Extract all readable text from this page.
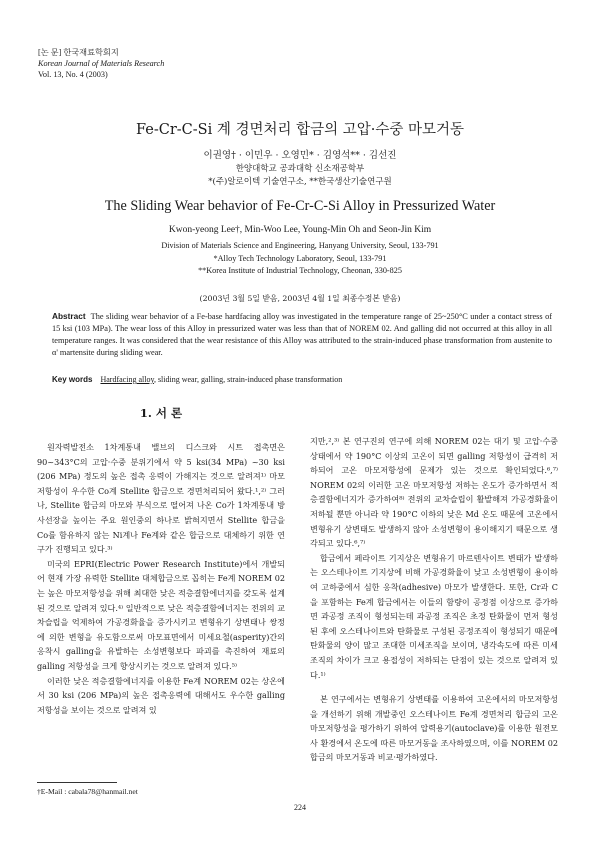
[논 문] 한국재료학회지
Korean Journal of Materials Research
Vol. 13, No. 4 (2003)
Fe-Cr-C-Si 계 경면처리 합금의 고압·수중 마모거동
이권영† · 이민우 · 오영민* · 김영석** · 김선진
한양대학교 공과대학 신소재공학부
*(주)알로이텍 기술연구소, **한국생산기술연구원
The Sliding Wear behavior of Fe-Cr-C-Si Alloy in Pressurized Water
Kwon-yeong Lee†, Min-Woo Lee, Young-Min Oh and Seon-Jin Kim
Division of Materials Science and Engineering, Hanyang University, Seoul, 133-791
*Alloy Tech Technology Laboratory, Seoul, 133-791
**Korea Institute of Industrial Technology, Cheonan, 330-825
(2003년 3월 5일 받음, 2003년 4월 1일 최종수정본 받음)
Abstract The sliding wear behavior of a Fe-base hardfacing alloy was investigated in the temperature range of 25~250°C under a contact stress of 15 ksi (103 MPa). The wear loss of this Alloy in pressurized water was less than that of NOREM 02. And galling did not occurred at this alloy in all temperature ranges. It was considered that the wear resistance of this Alloy was attributed to the strain-induced phase transformation from austenite to α' martensite during sliding wear.
Key words Hardfacing alloy, sliding wear, galling, strain-induced phase transformation
1. 서 론

원자력발전소 1차계통내 밸브의 디스크와 시트 접촉면은 90~343°C의 고압·수중 분위기에서 약 5 ksi(34 MPa) ~30 ksi (206 MPa) 정도의 높은 접촉 응력이 가해지는 것으로 알려져¹⁾ 마모저항성이 우수한 Co계 Stellite 합금으로 경면처리되어 왔다.¹,²⁾ 그러나, Stellite 합금의 마모와 부식으로 떨어져 나온 Co가 1차계통내 방사선장을 높이는 주요 원인중의 하나로 밝혀지면서 Stellite 합금을 Co를 함유하지 않는 Ni계나 Fe계와 같은 합금으로 대체하기 위한 연구가 진행되고 있다.³⁾

미국의 EPRI(Electric Power Research Institute)에서 개발되어 현재 가장 유력한 Stellite 대체합금으로 꼽히는 Fe계 NOREM 02는 높은 마모저항성을 위해 최대한 낮은 적층결함에너지를 갖도록 설계된 것으로 알려져 있다.⁴⁾ 일반적으로 낮은 적층결함에너지는 전위의 교차슬립을 억제하여 가공경화율을 증가시키고 변형유기 상변태나 쌍정에 의한 변형을 유도함으로써 마모표면에서 미세요철(asperity)간의 응착시 galling을 유발하는 소성변형보다 파괴를 촉진하여 재료의 galling 저항성을 크게 향상시키는 것으로 알려져 있다.⁵⁾

이러한 낮은 적층결함에너지를 이용한 Fe계 NOREM 02는 상온에서 30 ksi (206 MPa)의 높은 접촉응력에 대해서도 우수한 galling 저항성을 보이는 것으로 알려져 있

지만,²,³⁾ 본 연구진의 연구에 의해 NOREM 02는 대기 및 고압·수중 상태에서 약 190°C 이상의 고온이 되면 galling 저항성이 급격히 저하되어 고온 마모저항성에 문제가 있는 것으로 확인되었다.⁶,⁷⁾ NOREM 02의 이러한 고온 마모저항성 저하는 온도가 증가하면서 적층결함에너지가 증가하여⁸⁾ 전위의 교차슬립이 활발해져 가공경화율이 저하될 뿐만 아니라 약 190°C 이하의 낮은 Md 온도 때문에 고온에서 변형유기 상변태도 발생하지 않아 소성변형이 용이해지기 때문으로 생각되고 있다.⁶,⁷⁾

합금에서 페라이트 기지상은 변형유기 마르텐사이트 변태가 발생하는 오스테나이트 기지상에 비해 가공경화율이 낮고 소성변형이 용이하여 고하중에서 심한 응착(adhesive) 마모가 발생한다. 또한, Cr과 C을 포함하는 Fe계 합금에서는 이들의 함량이 공정점 이상으로 증가하면 과공정 조직이 형성되는데 과공정 조직은 초정 탄화물이 먼저 형성된 후에 오스테나이트와 탄화물로 구성된 공정조직이 형성되기 때문에 탄화물의 양이 많고 조대한 미세조직을 보이며, 냉각속도에 따른 미세조직의 차이가 크고 용접성이 저하되는 단점이 있는 것으로 알려져 있다.¹⁾

본 연구에서는 변형유기 상변태를 이용하여 고온에서의 마모저항성을 개선하기 위해 개발중인 오스테나이트 Fe계 경면처리 합금의 고온 마모저항성을 평가하기 위하여 압력용기(autoclave)를 이용한 원전모사 환경에서 온도에 따른 마모거동을 조사하였으며, 이를 NOREM 02 합금의 마모거동과 비교·평가하였다.

†E-Mail : cabala78@hanmail.net
224
